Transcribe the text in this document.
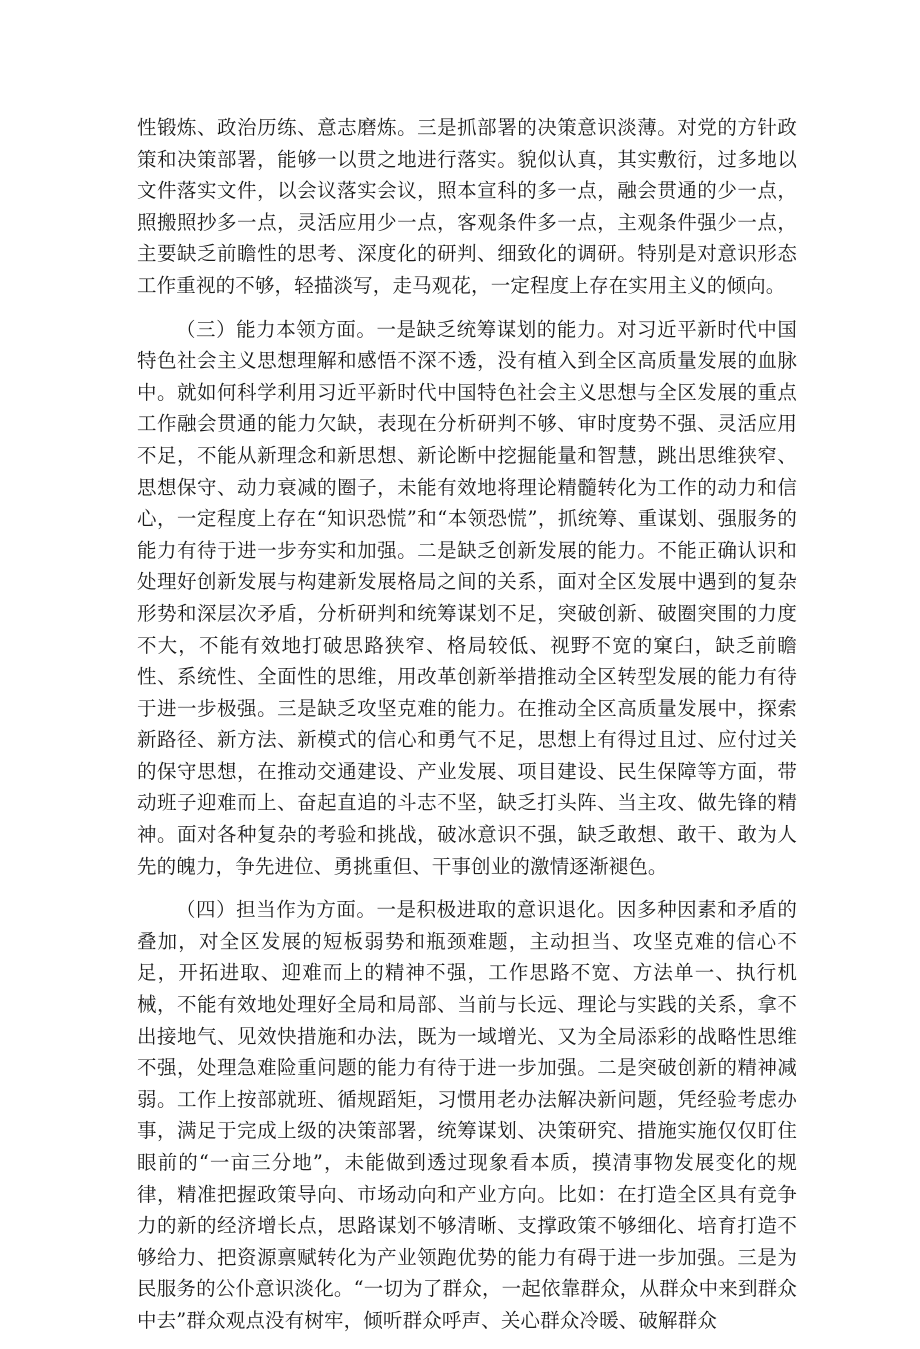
性锻炼、政治历练、意志磨炼。三是抓部署的决策意识淡薄。对党的方针政策和决策部署，能够一以贯之地进行落实。貌似认真，其实敷衍，过多地以文件落实文件，以会议落实会议，照本宣科的多一点，融会贯通的少一点，照搬照抄多一点，灵活应用少一点，客观条件多一点，主观条件强少一点，主要缺乏前瞻性的思考、深度化的研判、细致化的调研。特别是对意识形态工作重视的不够，轻描淡写，走马观花，一定程度上存在实用主义的倾向。

（三）能力本领方面。一是缺乏统筹谋划的能力。对习近平新时代中国特色社会主义思想理解和感悟不深不透，没有植入到全区高质量发展的血脉中。就如何科学利用习近平新时代中国特色社会主义思想与全区发展的重点工作融会贯通的能力欠缺，表现在分析研判不够、审时度势不强、灵活应用不足，不能从新理念和新思想、新论断中挖掘能量和智慧，跳出思维狭窄、思想保守、动力衰减的圈子，未能有效地将理论精髓转化为工作的动力和信心，一定程度上存在“知识恐慌”和“本领恐慌”，抓统筹、重谋划、强服务的能力有待于进一步夯实和加强。二是缺乏创新发展的能力。不能正确认识和处理好创新发展与构建新发展格局之间的关系，面对全区发展中遇到的复杂形势和深层次矛盾，分析研判和统筹谋划不足，突破创新、破圈突围的力度不大，不能有效地打破思路狭窄、格局较低、视野不宽的窠臼，缺乏前瞻性、系统性、全面性的思维，用改革创新举措推动全区转型发展的能力有待于进一步极强。三是缺乏攻坚克难的能力。在推动全区高质量发展中，探索新路径、新方法、新模式的信心和勇气不足，思想上有得过且过、应付过关的保守思想，在推动交通建设、产业发展、项目建设、民生保障等方面，带动班子迎难而上、奋起直追的斗志不坚，缺乏打头阵、当主攻、做先锋的精神。面对各种复杂的考验和挑战，破冰意识不强，缺乏敢想、敢干、敢为人先的魄力，争先进位、勇挑重但、干事创业的激情逐渐褪色。

（四）担当作为方面。一是积极进取的意识退化。因多种因素和矛盾的叠加，对全区发展的短板弱势和瓶颈难题，主动担当、攻坚克难的信心不足，开拓进取、迎难而上的精神不强，工作思路不宽、方法单一、执行机械，不能有效地处理好全局和局部、当前与长远、理论与实践的关系，拿不出接地气、见效快措施和办法，既为一域增光、又为全局添彩的战略性思维不强，处理急难险重问题的能力有待于进一步加强。二是突破创新的精神减弱。工作上按部就班、循规蹈矩，习惯用老办法解决新问题，凭经验考虑办事，满足于完成上级的决策部署，统筹谋划、决策研究、措施实施仅仅盯住眼前的“一亩三分地”，未能做到透过现象看本质，摸清事物发展变化的规律，精准把握政策导向、市场动向和产业方向。比如：在打造全区具有竞争力的新的经济增长点，思路谋划不够清晰、支撑政策不够细化、培育打造不够给力、把资源禀赋转化为产业领跑优势的能力有碍于进一步加强。三是为民服务的公仆意识淡化。“一切为了群众，一起依靠群众，从群众中来到群众中去”群众观点没有树牢，倾听群众呼声、关心群众冷暖、破解群众
